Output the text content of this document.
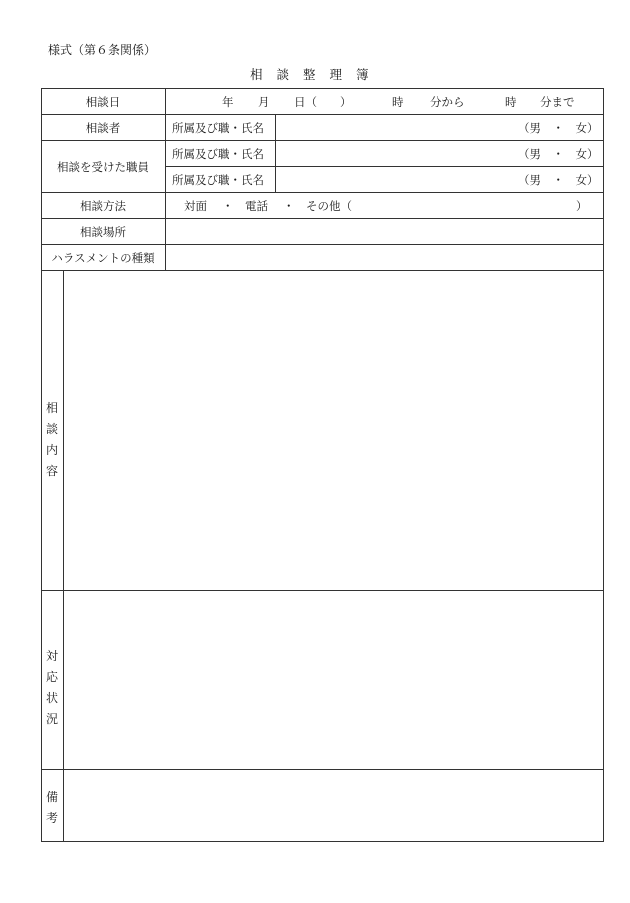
様式（第６条関係）
相談整理簿
相談日	年 月 日（ ）	時 分から	時 分まで
相談者	所属及び職・氏名	（男　・　女）
相談を受けた職員
所属及び職・氏名	（男　・　女）
所属及び職・氏名	（男　・　女）
相談方法	対面 ・ 電話 ・ その他（	）
相談場所
ハラスメントの種類
相
談
内
容
対
応
状
況
備
考
